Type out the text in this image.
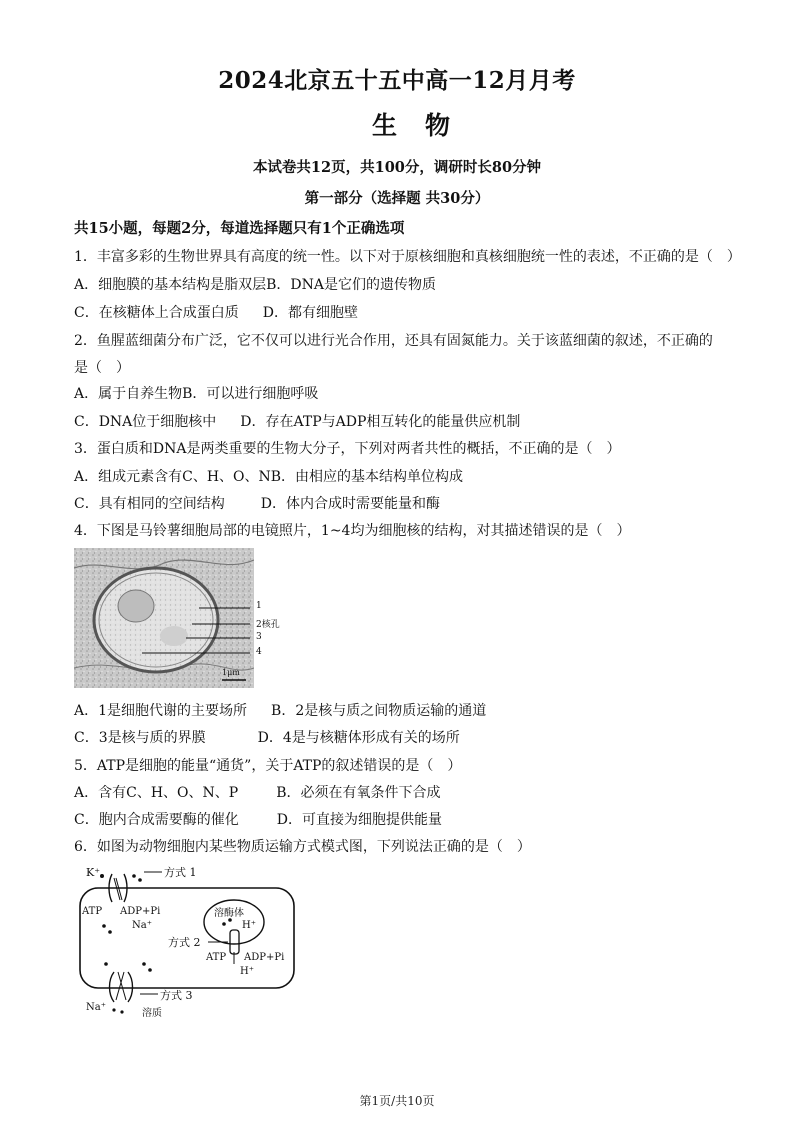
2024北京五十五中高一12月月考
生物
本试卷共12页，共100分，调研时长80分钟
第一部分（选择题 共30分）
共15小题，每题2分，每道选择题只有1个正确选项
1．丰富多彩的生物世界具有高度的统一性。以下对于原核细胞和真核细胞统一性的表述，不正确的是（　）
A．细胞膜的基本结构是脂双层B．DNA是它们的遗传物质
C．在核糖体上合成蛋白质 D．都有细胞壁
2．鱼腥蓝细菌分布广泛，它不仅可以进行光合作用，还具有固氮能力。关于该蓝细菌的叙述，不正确的
是（　）
A．属于自养生物B．可以进行细胞呼吸
C．DNA位于细胞核中 D．存在ATP与ADP相互转化的能量供应机制
3．蛋白质和DNA是两类重要的生物大分子，下列对两者共性的概括，不正确的是（　）
A．组成元素含有C、H、O、NB．由相应的基本结构单位构成
C．具有相同的空间结构	D．体内合成时需要能量和酶
4．下图是马铃薯细胞局部的电镜照片，1~4均为细胞核的结构，对其描述错误的是（　）
1
2核孔
3
4
1μm
A．1是细胞代谢的主要场所 B．2是核与质之间物质运输的通道
C．3是核与质的界膜	D．4是与核糖体形成有关的场所
5．ATP是细胞的能量“通货”，关于ATP的叙述错误的是（　）
A．含有C、H、O、N、P	B．必须在有氧条件下合成
C．胞内合成需要酶的催化	D．可直接为细胞提供能量
6．如图为动物细胞内某些物质运输方式模式图，下列说法正确的是（　）
K⁺	方式 1
ATP ADP+Pi
Na⁺
溶酶体
H⁺
方式 2
ATP ADP+Pi
H⁺
方式 3
Na⁺
溶质
第1页/共10页
